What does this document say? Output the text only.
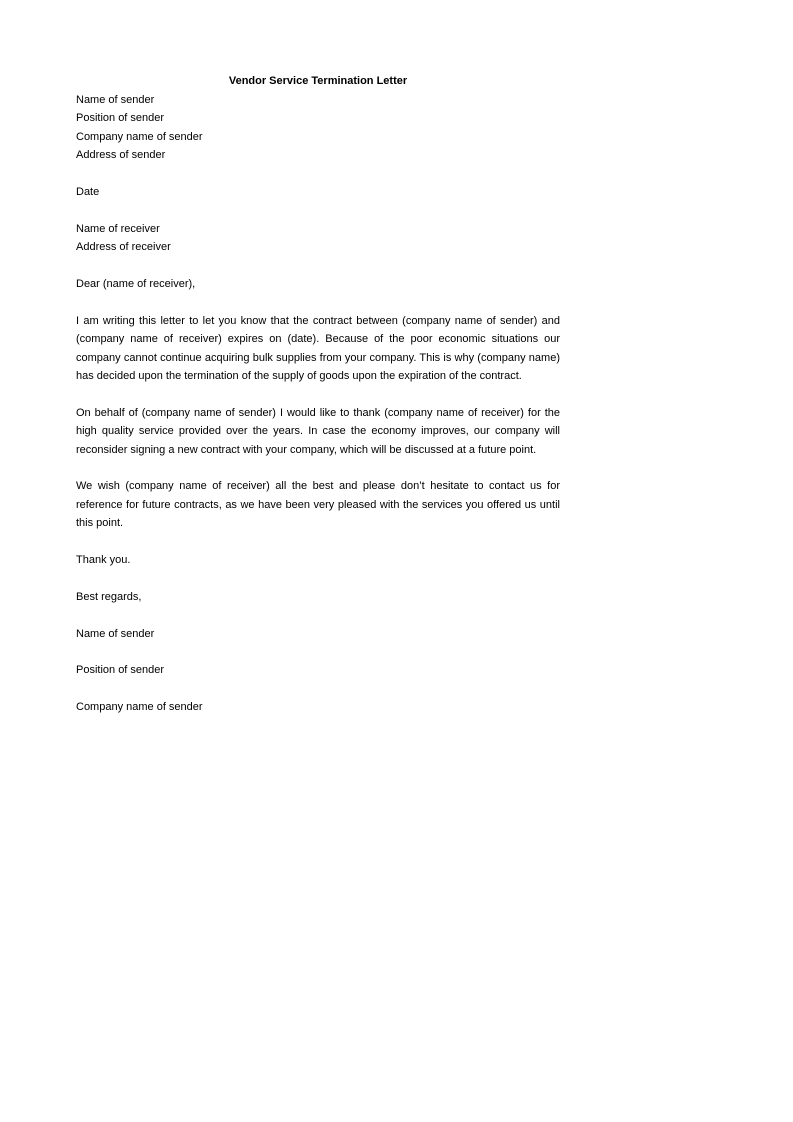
Vendor Service Termination Letter

Name of sender

Position of sender

Company name of sender

Address of sender

Date

Name of receiver

Address of receiver

Dear (name of receiver),

I am writing this letter to let you know that the contract between (company name of sender) and (company name of receiver) expires on (date). Because of the poor economic situations our company cannot continue acquiring bulk supplies from your company. This is why (company name) has decided upon the termination of the supply of goods upon the expiration of the contract.

On behalf of (company name of sender) I would like to thank (company name of receiver) for the high quality service provided over the years. In case the economy improves, our company will reconsider signing a new contract with your company, which will be discussed at a future point.

We wish (company name of receiver) all the best and please don’t hesitate to contact us for reference for future contracts, as we have been very pleased with the services you offered us until this point.

Thank you.

Best regards,

Name of sender

Position of sender

Company name of sender
